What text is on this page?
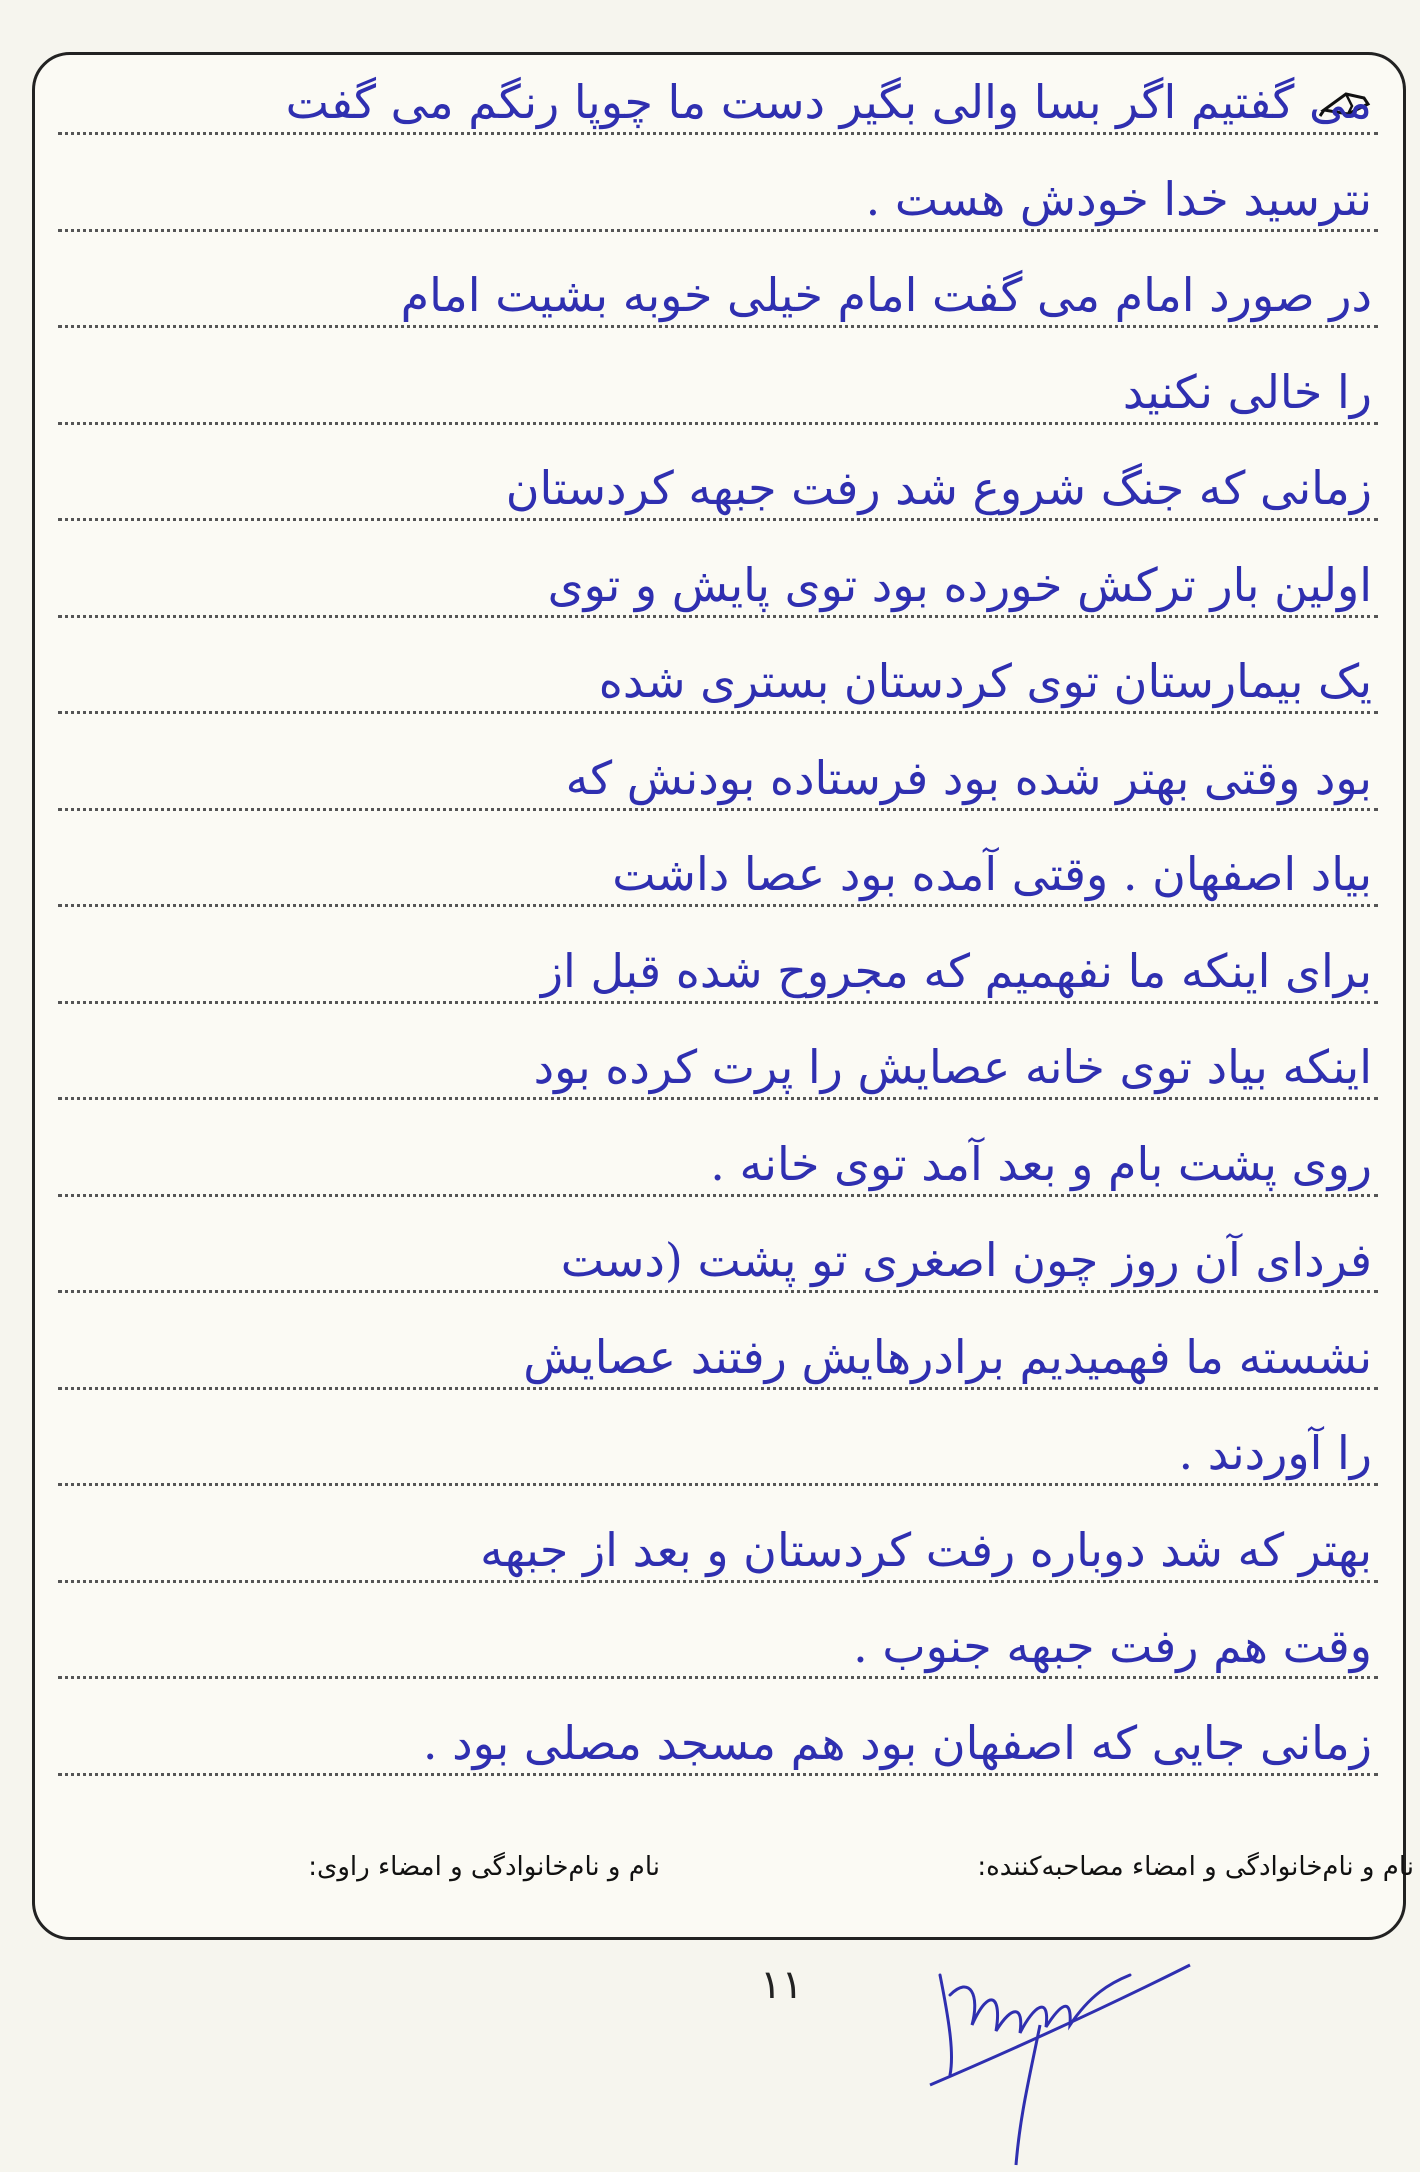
می گفتیم اگر بسا والی بگیر دست ما چوپا رنگم می گفت
نترسید خدا خودش هست .
در صورد امام می گفت امام خیلی خوبه بشیت امام
را خالی نکنید
زمانی که جنگ شروع شد رفت جبهه کردستان
اولین بار ترکش خورده بود توی پایش و توی
یک بیمارستان توی کردستان بستری شده
بود وقتی بهتر شده بود فرستاده بودنش که
بیاد اصفهان . وقتی آمده بود عصا داشت
برای اینکه ما نفهمیم که مجروح شده قبل از
اینکه بیاد توی خانه عصایش را پرت کرده بود
روی پشت بام و بعد آمد توی خانه .
فردای آن روز چون اصغری تو پشت (دست
نشسته ما فهمیدیم برادرهایش رفتند عصایش
را آوردند .
بهتر که شد دوباره رفت کردستان و بعد از جبهه
وقت هم رفت جبهه جنوب .
زمانی جایی که اصفهان بود هم مسجد مصلی بود .
نام و نام‌خانوادگی و امضاء مصاحبه‌کننده:
نام و نام‌خانوادگی و امضاء راوی:
۱۱
